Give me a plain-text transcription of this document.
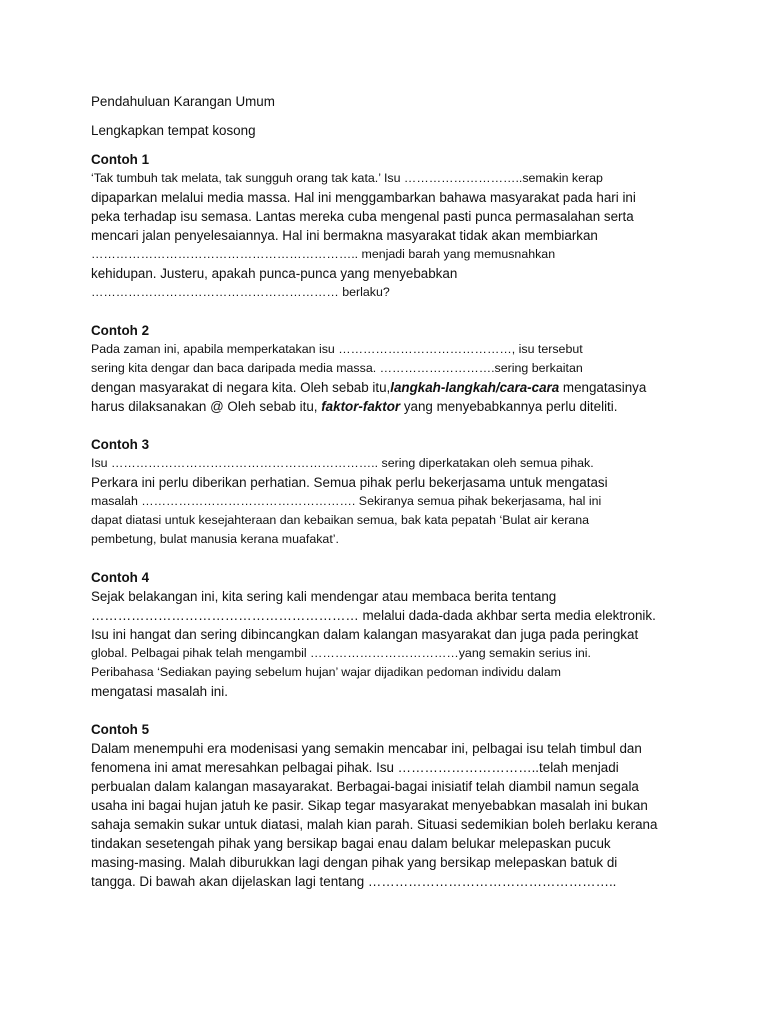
Pendahuluan Karangan Umum
Lengkapkan tempat kosong
Contoh 1
‘Tak tumbuh tak melata, tak sungguh orang tak kata.’ Isu ………………………..semakin kerap
dipaparkan melalui media massa. Hal ini menggambarkan bahawa masyarakat pada hari ini
peka terhadap isu semasa. Lantas mereka cuba mengenal pasti punca permasalahan serta
mencari jalan penyelesaiannya. Hal ini bermakna masyarakat tidak akan membiarkan
……………………………………………………….. menjadi barah yang memusnahkan
kehidupan. Justeru, apakah punca-punca yang menyebabkan
…………………………………………………… berlaku?
Contoh 2
Pada zaman ini, apabila memperkatakan isu ……………………………………, isu tersebut
sering kita dengar dan baca daripada media massa. ……………………….sering berkaitan
dengan masyarakat di negara kita. Oleh sebab itu,langkah-langkah/cara-cara mengatasinya
harus dilaksanakan @ Oleh sebab itu, faktor-faktor yang menyebabkannya perlu diteliti.
Contoh 3
Isu ……………………………………………………….. sering diperkatakan oleh semua pihak.
Perkara ini perlu diberikan perhatian. Semua pihak perlu bekerjasama untuk mengatasi
masalah ……………………………………………. Sekiranya semua pihak bekerjasama, hal ini
dapat diatasi untuk kesejahteraan dan kebaikan semua, bak kata pepatah ‘Bulat air kerana
pembetung, bulat manusia kerana muafakat’.
Contoh 4
Sejak belakangan ini, kita sering kali mendengar atau membaca berita tentang
…………………………………………………… melalui dada-dada akhbar serta media elektronik.
Isu ini hangat dan sering dibincangkan dalam kalangan masyarakat dan juga pada peringkat
global. Pelbagai pihak telah mengambil ………………………………yang semakin serius ini.
Peribahasa ‘Sediakan paying sebelum hujan’ wajar dijadikan pedoman individu dalam
mengatasi masalah ini.
Contoh 5
Dalam menempuhi era modenisasi yang semakin mencabar ini, pelbagai isu telah timbul dan
fenomena ini amat meresahkan pelbagai pihak. Isu …………………………..telah menjadi
perbualan dalam kalangan masayarakat. Berbagai-bagai inisiatif telah diambil namun segala
usaha ini bagai hujan jatuh ke pasir. Sikap tegar masyarakat menyebabkan masalah ini bukan
sahaja semakin sukar untuk diatasi, malah kian parah. Situasi sedemikian boleh berlaku kerana
tindakan sesetengah pihak yang bersikap bagai enau dalam belukar melepaskan pucuk
masing-masing. Malah diburukkan lagi dengan pihak yang bersikap melepaskan batuk di
tangga. Di bawah akan dijelaskan lagi tentang ………………………………………………..
